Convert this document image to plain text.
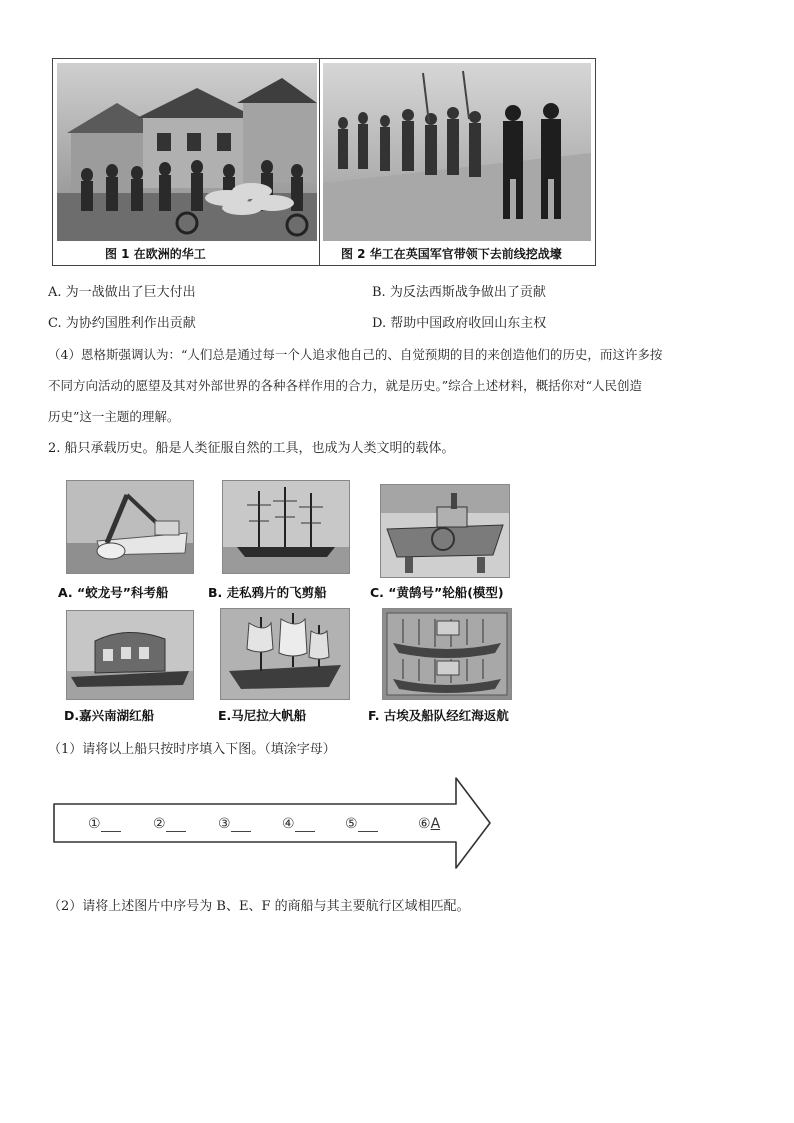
图 1 在欧洲的华工	图 2 华工在英国军官带领下去前线挖战壕
A. 为一战做出了巨大付出	B. 为反法西斯战争做出了贡献
C. 为协约国胜利作出贡献	D. 帮助中国政府收回山东主权
（4）恩格斯强调认为：“人们总是通过每一个人追求他自己的、自觉预期的目的来创造他们的历史，而这许多按
不同方向活动的愿望及其对外部世界的各种各样作用的合力，就是历史。”综合上述材料，概括你对“人民创造
历史”这一主题的理解。
2. 船只承载历史。船是人类征服自然的工具，也成为人类文明的载体。
A. “蛟龙号”科考船	B. 走私鸦片的飞剪船	C. “黄鹄号”轮船(模型)
D.嘉兴南湖红船	E.马尼拉大帆船	F. 古埃及船队经红海返航
（1）请将以上船只按时序填入下图。（填涂字母）
①	②	③	④	⑤	⑥A
（2）请将上述图片中序号为 B、E、F 的商船与其主要航行区域相匹配。
